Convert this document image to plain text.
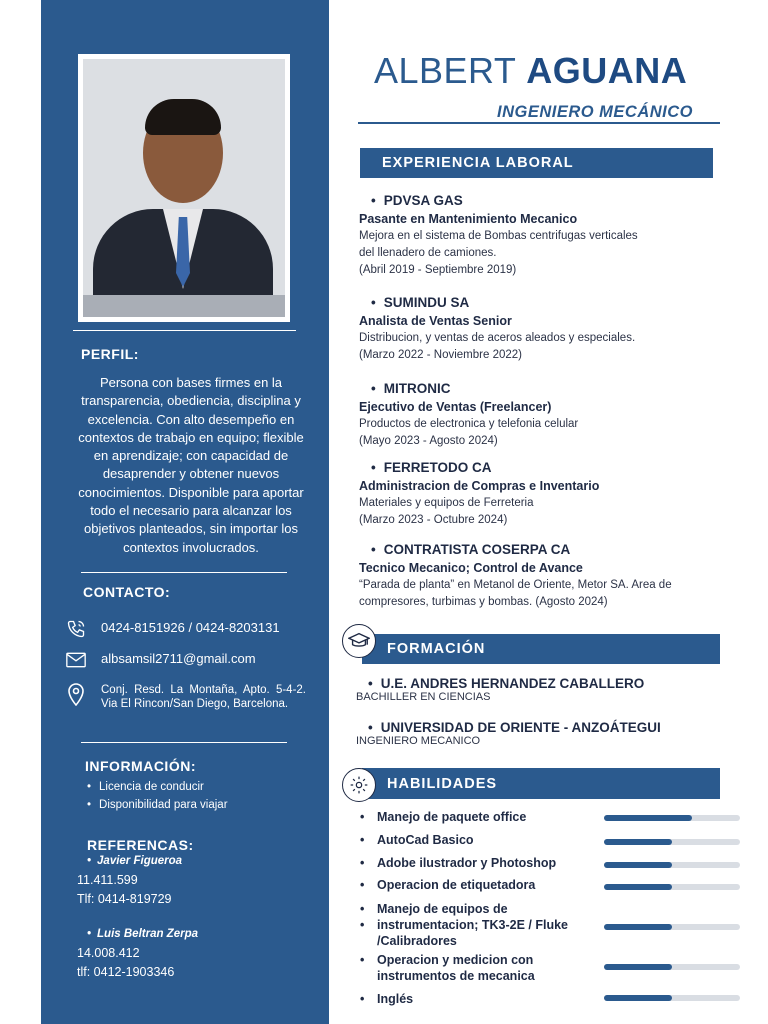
PERFIL:
Persona con bases firmes en la transparencia, obediencia, disciplina y excelencia. Con alto desempeño en contextos de trabajo en equipo; flexible en aprendizaje; con capacidad de desaprender y obtener nuevos conocimientos. Disponible para aportar todo el necesario para alcanzar los objetivos planteados, sin importar los contextos involucrados.
CONTACTO:
0424-8151926 / 0424-8203131
albsamsil2711@gmail.com
Conj. Resd. La Montaña, Apto. 5-4-2. Via El Rincon/San Diego, Barcelona.
INFORMACIÓN:
• Licencia de conducir
• Disponibilidad para viajar
REFERENCAS:
• Javier Figueroa
11.411.599
Tlf: 0414-819729
• Luis Beltran Zerpa
14.008.412
tlf: 0412-1903346
ALBERT AGUANA
INGENIERO MECÁNICO
EXPERIENCIA LABORAL
• PDVSA GAS
Pasante en Mantenimiento Mecanico
Mejora en el sistema de Bombas centrifugas verticales
del llenadero de camiones.
(Abril 2019 - Septiembre 2019)
• SUMINDU SA
Analista de Ventas Senior
Distribucion, y ventas de aceros aleados y especiales.
(Marzo 2022 - Noviembre 2022)
• MITRONIC
Ejecutivo de Ventas (Freelancer)
Productos de electronica y telefonia celular
(Mayo 2023 - Agosto 2024)
• FERRETODO CA
Administracion de Compras e Inventario
Materiales y equipos de Ferreteria
(Marzo 2023 - Octubre 2024)
• CONTRATISTA COSERPA CA
Tecnico Mecanico; Control de Avance
“Parada de planta” en Metanol de Oriente, Metor SA. Area de compresores, turbimas y bombas. (Agosto 2024)
FORMACIÓN
• U.E. ANDRES HERNANDEZ CABALLERO
BACHILLER EN CIENCIAS
• UNIVERSIDAD DE ORIENTE - ANZOÁTEGUI
INGENIERO MECANICO
HABILIDADES
•	Manejo de paquete office
•	AutoCad Basico
•	Adobe ilustrador y Photoshop
•	Operacion de etiquetadora
•
•
Manejo de equipos de
instrumentacion; TK3-2E / Fluke
/Calibradores
•	Operacion y medicion con
instrumentos de mecanica
•	Inglés
